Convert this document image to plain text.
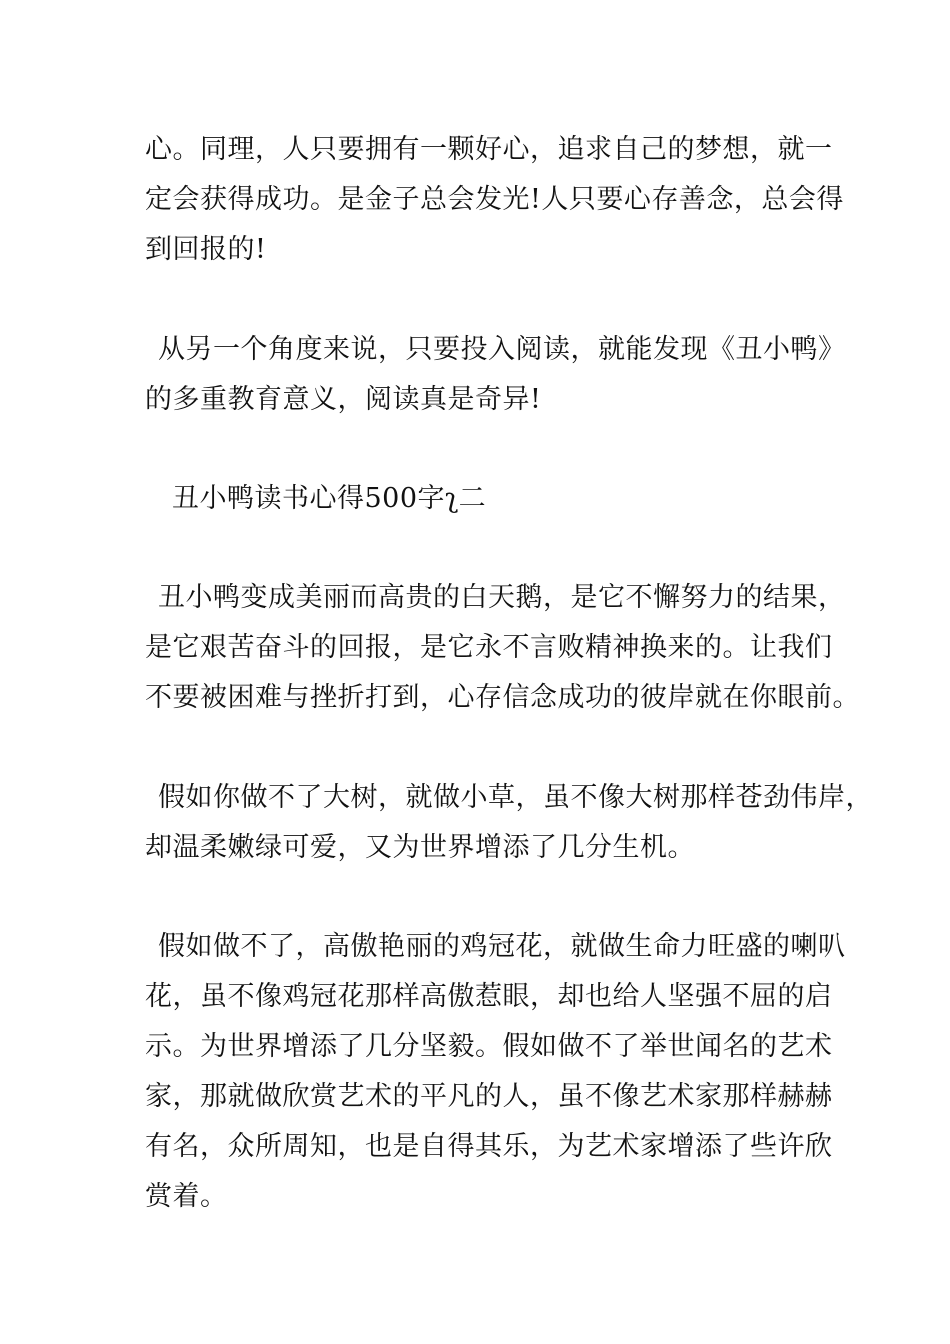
心。同理，人只要拥有一颗好心，追求自己的梦想，就一
定会获得成功。是金子总会发光!人只要心存善念，总会得
到回报的!
从另一个角度来说，只要投入阅读，就能发现《丑小鸭》
的多重教育意义，阅读真是奇异!
丑小鸭读书心得500字ʅ二
丑小鸭变成美丽而高贵的白天鹅，是它不懈努力的结果，
是它艰苦奋斗的回报，是它永不言败精神换来的。让我们
不要被困难与挫折打到，心存信念成功的彼岸就在你眼前。
假如你做不了大树，就做小草，虽不像大树那样苍劲伟岸，
却温柔嫩绿可爱，又为世界增添了几分生机。
假如做不了，高傲艳丽的鸡冠花，就做生命力旺盛的喇叭
花，虽不像鸡冠花那样高傲惹眼，却也给人坚强不屈的启
示。为世界增添了几分坚毅。假如做不了举世闻名的艺术
家，那就做欣赏艺术的平凡的人，虽不像艺术家那样赫赫
有名，众所周知，也是自得其乐，为艺术家增添了些许欣
赏着。
